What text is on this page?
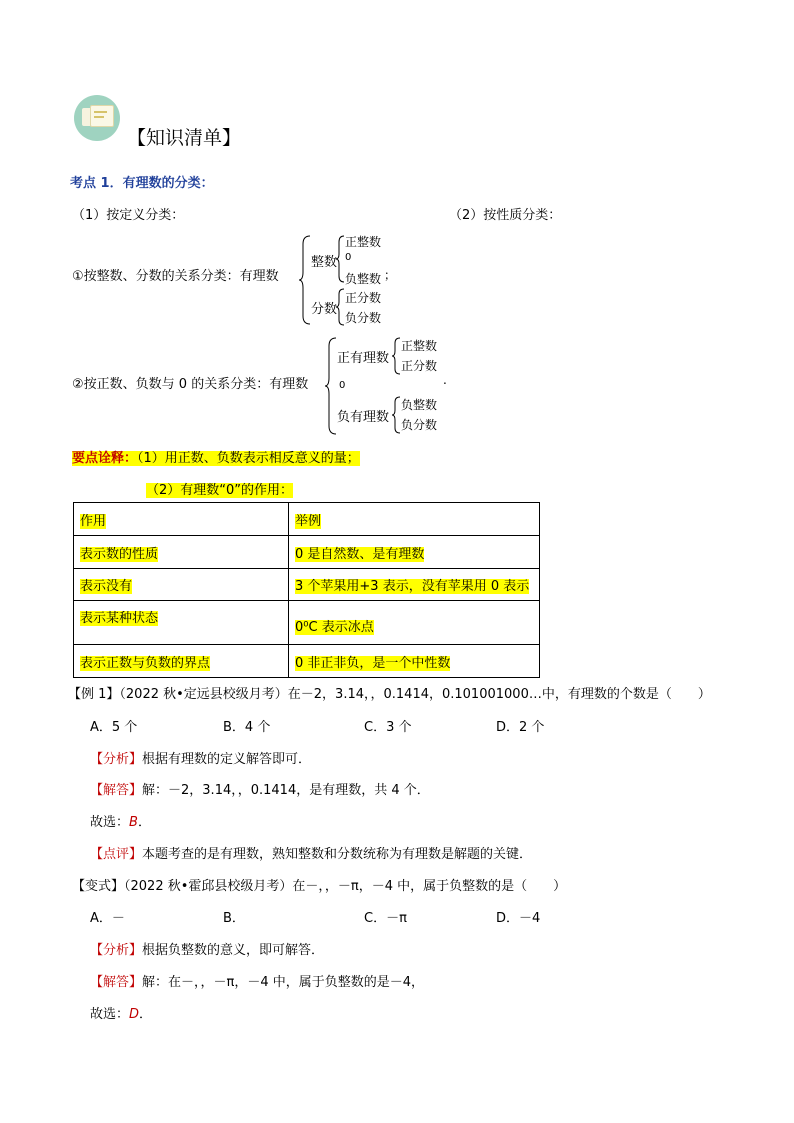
【知识清单】
考点 1．有理数的分类：
（1）按定义分类：	（2）按性质分类：
①按整数、分数的关系分类：有理数
整数
正整数
0
负整数 ；
分数
正分数
负分数
②按正数、负数与 0 的关系分类：有理数
正有理数
正整数
正分数
0	.
负有理数
负整数
负分数
要点诠释：（1）用正数、负数表示相反意义的量；
（2）有理数“0”的作用：
作用	举例
表示数的性质	0 是自然数、是有理数
表示没有	3 个苹果用+3 表示，没有苹果用 0 表示
表示某种状态	0⁰C 表示冰点
表示正数与负数的界点	0 非正非负，是一个中性数
【例 1】（2022 秋•定远县校级月考）在－2，3.14，，0.1414，0.101001000…中，有理数的个数是（　　）
A．5 个	B．4 个	C．3 个	D．2 个
【分析】根据有理数的定义解答即可．
【解答】解：－2，3.14，，0.1414，是有理数，共 4 个．
故选：B．
【点评】本题考查的是有理数，熟知整数和分数统称为有理数是解题的关键．
【变式】（2022 秋•霍邱县校级月考）在－，，－π，－4 中，属于负整数的是（　　）
A．－	B．	C．－π	D．－4
【分析】根据负整数的意义，即可解答．
【解答】解：在－，，－π，－4 中，属于负整数的是－4，
故选：D．
